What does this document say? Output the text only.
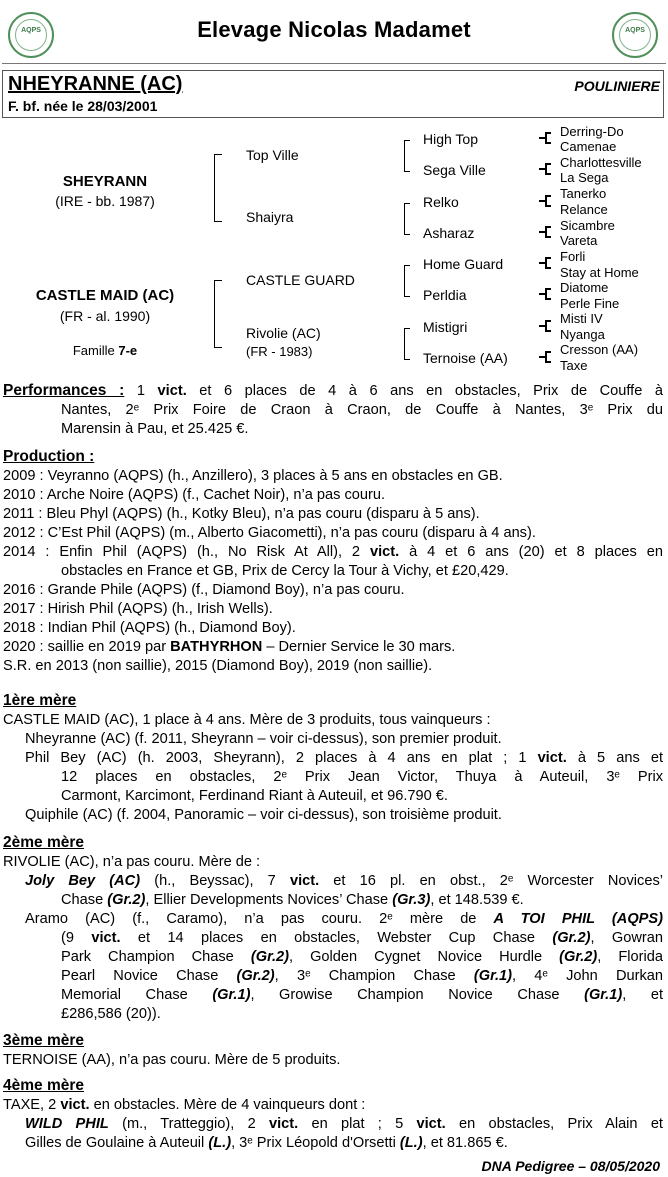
AQPS	AQPS
Elevage Nicolas Madamet
NHEYRANNE (AC)	POULINIERE
F. bf. née le 28/03/2001
SHEYRANN
(IRE - bb. 1987)
CASTLE MAID (AC)
(FR - al. 1990)
Famille 7-e
Top Ville
Shaiyra
CASTLE GUARD
Rivolie (AC)
(FR - 1983)
High Top
Sega Ville
Relko
Asharaz
Home Guard
Perldia
Mistigri
Ternoise (AA)
Derring-Do
Camenae
Charlottesville
La Sega
Tanerko
Relance
Sicambre
Vareta
Forli
Stay at Home
Diatome
Perle Fine
Misti IV
Nyanga
Cresson (AA)
Taxe
Performances : 1 vict. et 6 places de 4 à 6 ans en obstacles, Prix de Couffe à
Nantes, 2ᵉ Prix Foire de Craon à Craon, de Couffe à Nantes, 3ᵉ Prix du
Marensin à Pau, et 25.425 €.
Production :
2009 : Veyranno (AQPS) (h., Anzillero), 3 places à 5 ans en obstacles en GB.
2010 : Arche Noire (AQPS) (f., Cachet Noir), n’a pas couru.
2011 : Bleu Phyl (AQPS) (h., Kotky Bleu), n’a pas couru (disparu à 5 ans).
2012 : C’Est Phil (AQPS) (m., Alberto Giacometti), n’a pas couru (disparu à 4 ans).
2014 : Enfin Phil (AQPS) (h., No Risk At All), 2 vict. à 4 et 6 ans (20) et 8 places en
obstacles en France et GB, Prix de Cercy la Tour à Vichy, et £20,429.
2016 : Grande Phile (AQPS) (f., Diamond Boy), n’a pas couru.
2017 : Hirish Phil (AQPS) (h., Irish Wells).
2018 : Indian Phil (AQPS) (h., Diamond Boy).
2020 : saillie en 2019 par BATHYRHON – Dernier Service le 30 mars.
S.R. en 2013 (non saillie), 2015 (Diamond Boy), 2019 (non saillie).
1ère mère
CASTLE MAID (AC), 1 place à 4 ans. Mère de 3 produits, tous vainqueurs :
Nheyranne (AC) (f. 2011, Sheyrann – voir ci-dessus), son premier produit.
Phil Bey (AC) (h. 2003, Sheyrann), 2 places à 4 ans en plat ; 1 vict. à 5 ans et
12 places en obstacles, 2ᵉ Prix Jean Victor, Thuya à Auteuil, 3ᵉ Prix
Carmont, Karcimont, Ferdinand Riant à Auteuil, et 96.790 €.
Quiphile (AC) (f. 2004, Panoramic – voir ci-dessus), son troisième produit.
2ème mère
RIVOLIE (AC), n’a pas couru. Mère de :
Joly Bey (AC) (h., Beyssac), 7 vict. et 16 pl. en obst., 2ᵉ Worcester Novices’
Chase (Gr.2), Ellier Developments Novices’ Chase (Gr.3), et 148.539 €.
Aramo (AC) (f., Caramo), n’a pas couru. 2ᵉ mère de A TOI PHIL (AQPS)
(9 vict. et 14 places en obstacles, Webster Cup Chase (Gr.2), Gowran
Park Champion Chase (Gr.2), Golden Cygnet Novice Hurdle (Gr.2), Florida
Pearl Novice Chase (Gr.2), 3ᵉ Champion Chase (Gr.1), 4ᵉ John Durkan
Memorial Chase (Gr.1), Growise Champion Novice Chase (Gr.1), et
£286,586 (20)).
3ème mère
TERNOISE (AA), n’a pas couru. Mère de 5 produits.
4ème mère
TAXE, 2 vict. en obstacles. Mère de 4 vainqueurs dont :
WILD PHIL (m., Tratteggio), 2 vict. en plat ; 5 vict. en obstacles, Prix Alain et
Gilles de Goulaine à Auteuil (L.), 3ᵉ Prix Léopold d'Orsetti (L.), et 81.865 €.
DNA Pedigree – 08/05/2020
